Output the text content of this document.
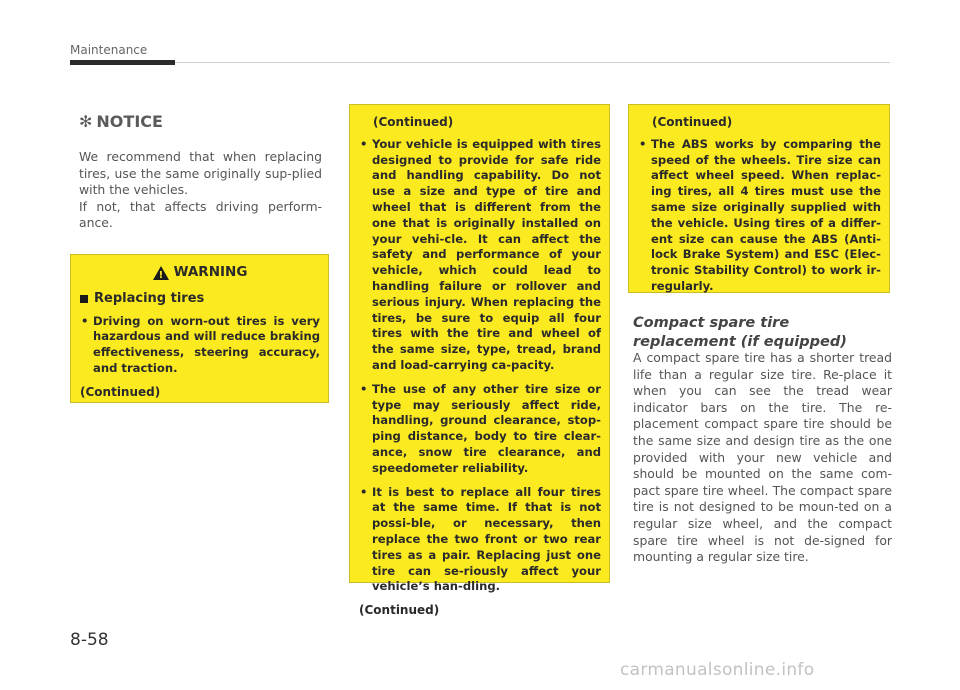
Maintenance
✻ NOTICE

We recommend that when replacing tires, use the same originally sup-plied with the vehicles.

If not, that affects driving perform-ance.

!
WARNING
Replacing tires
• Driving on worn-out tires is very hazardous and will reduce braking effectiveness, steering accuracy, and traction.
(Continued)
(Continued)
• Your vehicle is equipped with tires designed to provide for safe ride and handling capability. Do not use a size and type of tire and wheel that is different from the one that is originally installed on your vehi-cle. It can affect the safety and performance of your vehicle, which could lead to handling failure or rollover and serious injury. When replacing the tires, be sure to equip all four tires with the tire and wheel of the same size, type, tread, brand and load-carrying ca-pacity.
• The use of any other tire size or type may seriously affect ride, handling, ground clearance, stop-ping distance, body to tire clear-ance, snow tire clearance, and speedometer reliability.
• It is best to replace all four tires at the same time. If that is not possi-ble, or necessary, then replace the two front or two rear tires as a pair. Replacing just one tire can se-riously affect your vehicle’s han-dling.
(Continued)
(Continued)
• The ABS works by comparing the speed of the wheels. Tire size can affect wheel speed. When replac-ing tires, all 4 tires must use the same size originally supplied with the vehicle. Using tires of a differ-ent size can cause the ABS (Anti-lock Brake System) and ESC (Elec-tronic Stability Control) to work ir-regularly.
Compact spare tire replacement (if equipped)
A compact spare tire has a shorter tread life than a regular size tire. Re-place it when you can see the tread wear indicator bars on the tire. The re-placement compact spare tire should be the same size and design tire as the one provided with your new vehicle and should be mounted on the same com-pact spare tire wheel. The compact spare tire is not designed to be moun-ted on a regular size wheel, and the compact spare tire wheel is not de-signed for mounting a regular size tire.
8-58
carmanualsonline.info
